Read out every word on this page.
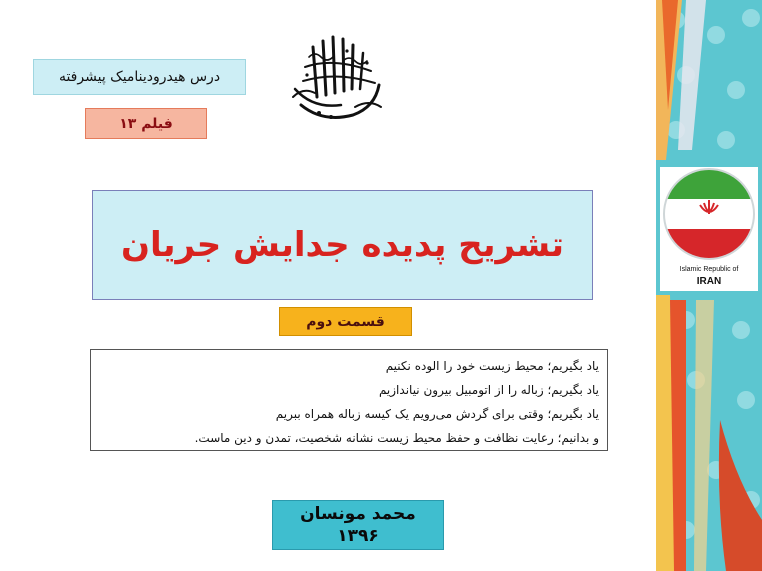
درس هیدرودینامیک پیشرفته
فیلم ۱۳
تشریح پدیده جدایش جریان
قسمت دوم
یاد بگیریم؛ محیط زیست خود را الوده نکنیم
یاد بگیریم؛ زباله را از اتومبیل بیرون نیاندازیم
یاد بگیریم؛ وقتی برای گردش می‌رویم یک کیسه زباله همراه ببریم
و بدانیم؛ رعایت نظافت و حفظ محیط زیست نشانه شخصیت، تمدن و دین ماست.
محمد مونسان
۱۳۹۶
Islamic Republic of
IRAN
